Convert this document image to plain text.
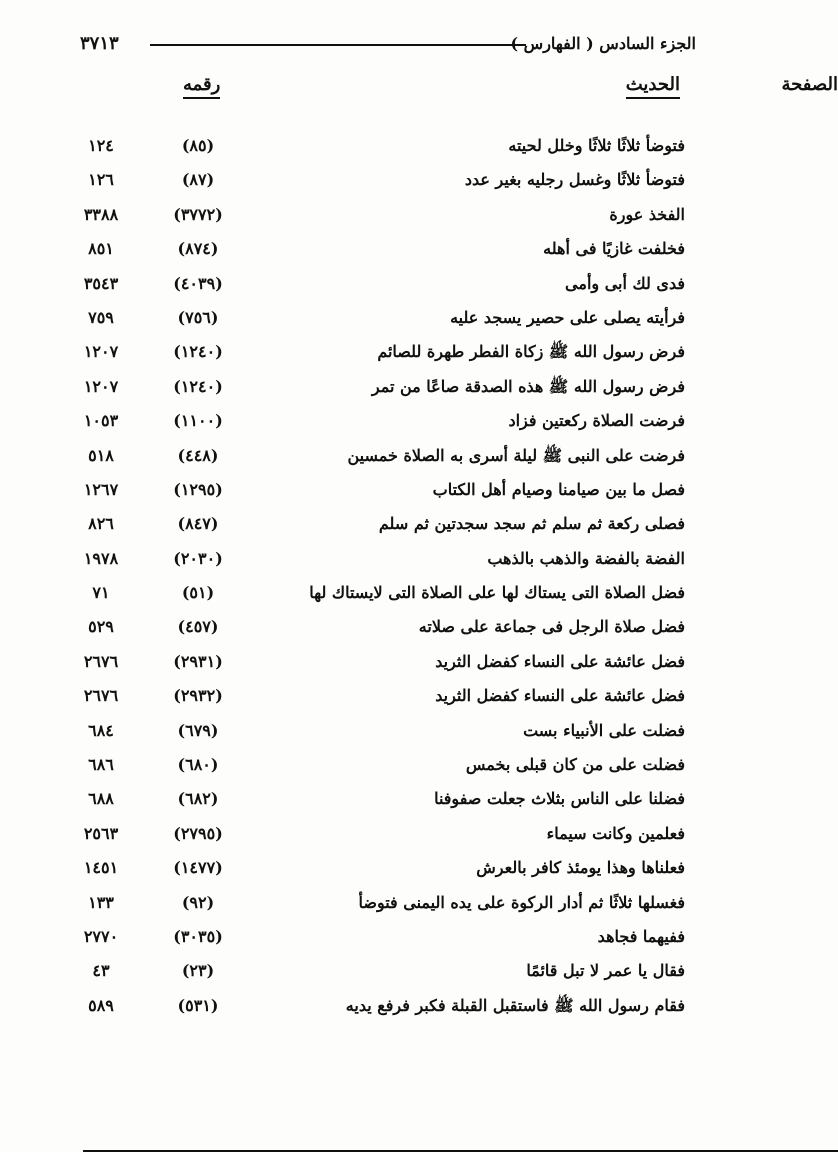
الجزء السادس ( الفهارس )
٣٧١٣
الحديث
رقمه	الصفحة
فتوضأ ثلاثًا ثلاثًا وخلل لحيته
(٨٥)
١٢٤
فتوضأ ثلاثًا وغسل رجليه بغير عدد
(٨٧)
١٢٦
الفخذ عورة
(٣٧٧٢)
٣٣٨٨
فخلفت غازيًا فى أهله
(٨٧٤)
٨٥١
فدى لك أبى وأمى
(٤٠٣٩)
٣٥٤٣
فرأيته يصلى على حصير يسجد عليه
(٧٥٦)
٧٥٩
فرض رسول الله ﷺ زكاة الفطر طهرة للصائم
(١٢٤٠)
١٢٠٧
فرض رسول الله ﷺ هذه الصدقة صاعًا من تمر
(١٢٤٠)
١٢٠٧
فرضت الصلاة ركعتين فزاد
(١١٠٠)
١٠٥٣
فرضت على النبى ﷺ ليلة أسرى به الصلاة خمسين
(٤٤٨)
٥١٨
فصل ما بين صيامنا وصيام أهل الكتاب
(١٢٩٥)
١٢٦٧
فصلى ركعة ثم سلم ثم سجد سجدتين ثم سلم
(٨٤٧)
٨٢٦
الفضة بالفضة والذهب بالذهب
(٢٠٣٠)
١٩٧٨
فضل الصلاة التى يستاك لها على الصلاة التى لايستاك لها
(٥١)
٧١
فضل صلاة الرجل فى جماعة على صلاته
(٤٥٧)
٥٢٩
فضل عائشة على النساء كفضل الثريد
(٢٩٣١)
٢٦٧٦
فضل عائشة على النساء كفضل الثريد
(٢٩٣٢)
٢٦٧٦
فضلت على الأنبياء بست
(٦٧٩)
٦٨٤
فضلت على من كان قبلى بخمس
(٦٨٠)
٦٨٦
فضلنا على الناس بثلاث جعلت صفوفنا
(٦٨٢)
٦٨٨
فعلمين وكانت سيماء
(٢٧٩٥)
٢٥٦٣
فعلناها وهذا يومئذ كافر بالعرش
(١٤٧٧)
١٤٥١
فغسلها ثلاثًا ثم أدار الركوة على يده اليمنى فتوضأ
(٩٢)
١٣٣
ففيهما فجاهد
(٣٠٣٥)
٢٧٧٠
فقال يا عمر لا تبل قائمًا
(٢٣)
٤٣
فقام رسول الله ﷺ فاستقبل القبلة فكبر فرفع يديه
(٥٣١)
٥٨٩
